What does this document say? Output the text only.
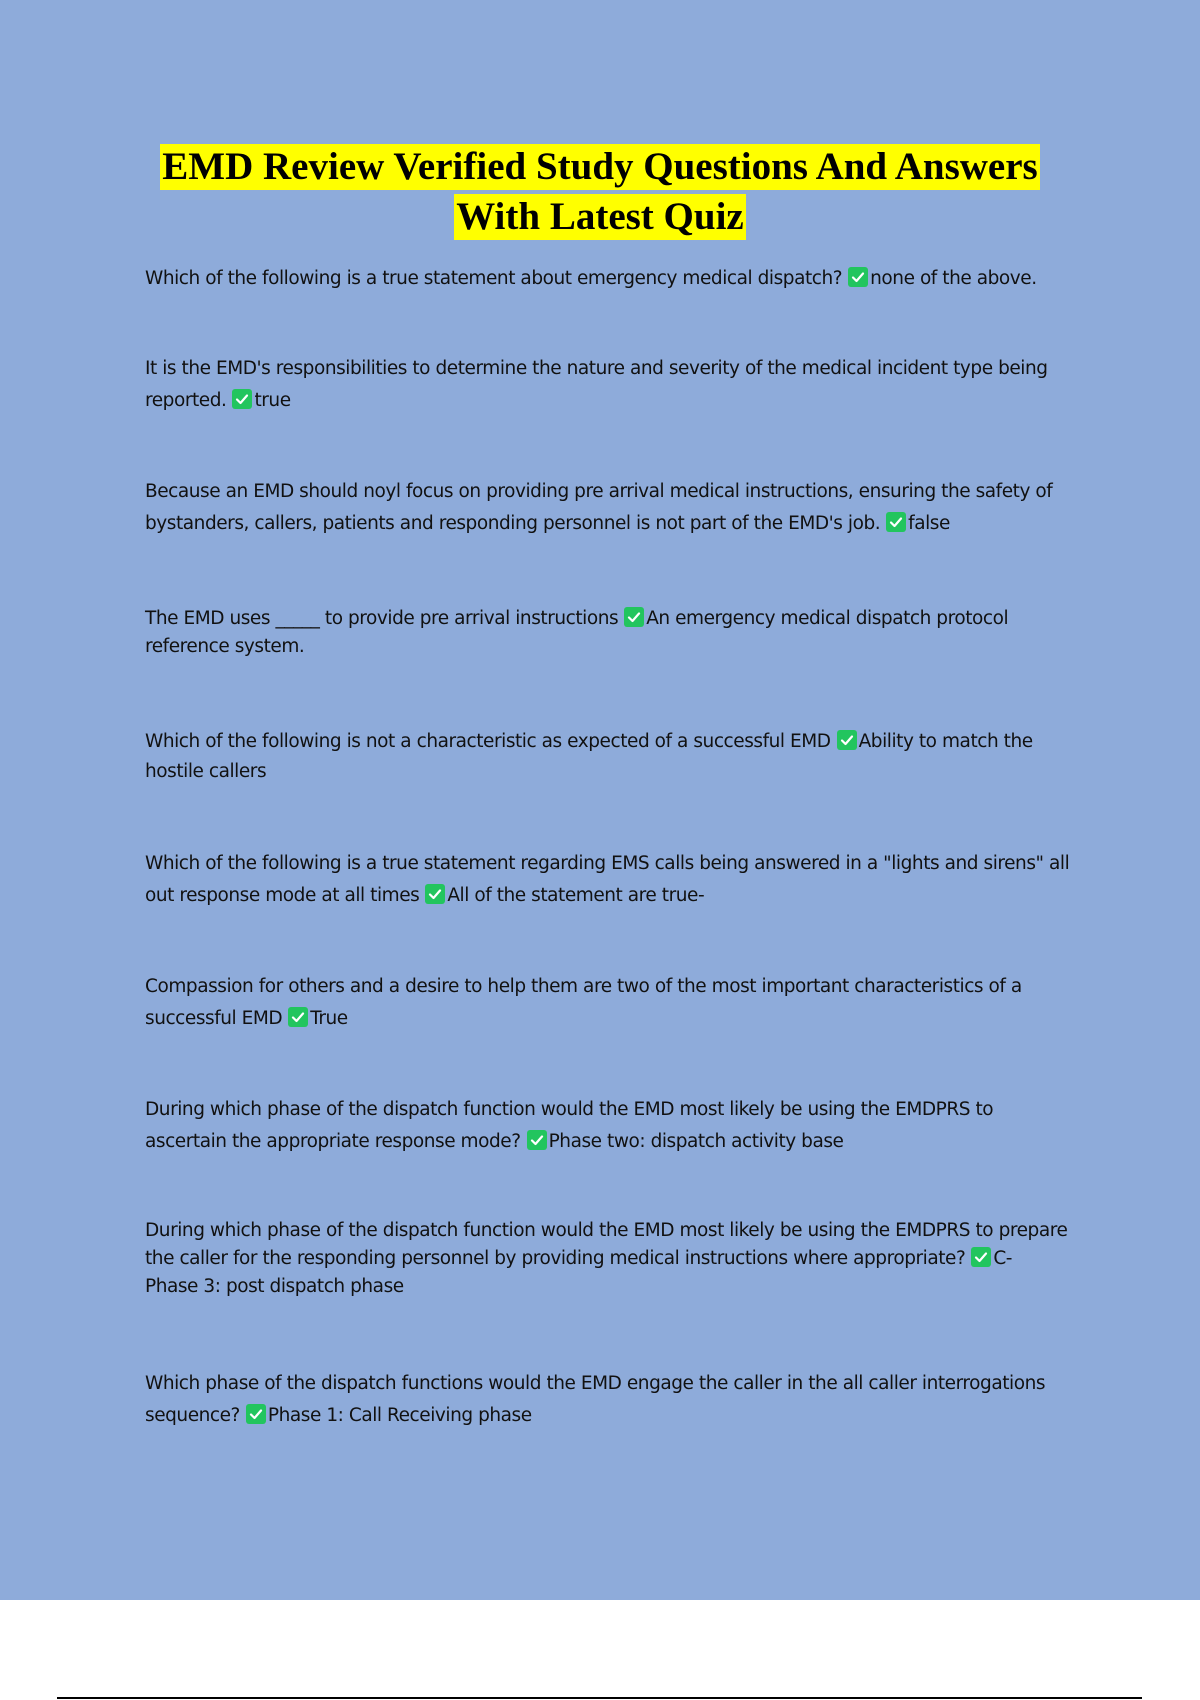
EMD Review Verified Study Questions And Answers
With Latest Quiz
Which of the following is a true statement about emergency medical dispatch? none of the above.
It is the EMD's responsibilities to determine the nature and severity of the medical incident type being
reported. true
Because an EMD should noyl focus on providing pre arrival medical instructions, ensuring the safety of
bystanders, callers, patients and responding personnel is not part of the EMD's job. false
The EMD uses _____ to provide pre arrival instructions An emergency medical dispatch protocol
reference system.
Which of the following is not a characteristic as expected of a successful EMD Ability to match the
hostile callers
Which of the following is a true statement regarding EMS calls being answered in a "lights and sirens" all
out response mode at all times All of the statement are true-
Compassion for others and a desire to help them are two of the most important characteristics of a
successful EMD True
During which phase of the dispatch function would the EMD most likely be using the EMDPRS to
ascertain the appropriate response mode? Phase two: dispatch activity base
During which phase of the dispatch function would the EMD most likely be using the EMDPRS to prepare
the caller for the responding personnel by providing medical instructions where appropriate? C-
Phase 3: post dispatch phase
Which phase of the dispatch functions would the EMD engage the caller in the all caller interrogations
sequence? Phase 1: Call Receiving phase
